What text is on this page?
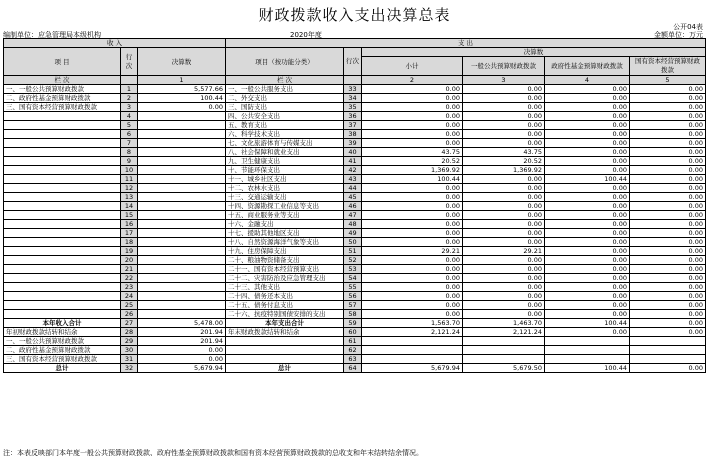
财政拨款收入支出决算总表
公开04表
编制单位：应急管理局本级机构	2020年度	金额单位：万元
收 入			支 出					
项 目	行次	决算数	项目（按功能分类）	行次	决算数			
					小计	一般公共预算财政拨款	政府性基金预算财政拨款	国有资本经营预算财政拨款

栏 次		1	栏 次		2	3	4	5
一、一般公共预算财政拨款	1	5,577.66	一、一般公共服务支出	33	0.00	0.00	0.00	0.00
二、政府性基金预算财政拨款	2	100.44	二、外交支出	34	0.00	0.00	0.00	0.00
三、国有资本经营预算财政拨款	3	0.00	三、国防支出	35	0.00	0.00	0.00	0.00
	4		四、公共安全支出	36	0.00	0.00	0.00	0.00
	5		五、教育支出	37	0.00	0.00	0.00	0.00
	6		六、科学技术支出	38	0.00	0.00	0.00	0.00
	7		七、文化旅游体育与传媒支出	39	0.00	0.00	0.00	0.00
	8		八、社会保障和就业支出	40	43.75	43.75	0.00	0.00
	9		九、卫生健康支出	41	20.52	20.52	0.00	0.00
	10		十、节能环保支出	42	1,369.92	1,369.92	0.00	0.00
	11		十一、城乡社区支出	43	100.44	0.00	100.44	0.00
	12		十二、农林水支出	44	0.00	0.00	0.00	0.00
	13		十三、交通运输支出	45	0.00	0.00	0.00	0.00
	14		十四、资源勘探工业信息等支出	46	0.00	0.00	0.00	0.00
	15		十五、商业服务业等支出	47	0.00	0.00	0.00	0.00
	16		十六、金融支出	48	0.00	0.00	0.00	0.00
	17		十七、援助其他地区支出	49	0.00	0.00	0.00	0.00
	18		十八、自然资源海洋气象等支出	50	0.00	0.00	0.00	0.00
	19		十九、住房保障支出	51	29.21	29.21	0.00	0.00
	20		二十、粮油物资储备支出	52	0.00	0.00	0.00	0.00
	21		二十一、国有资本经营预算支出	53	0.00	0.00	0.00	0.00
	22		二十二、灾害防治及应急管理支出	54	0.00	0.00	0.00	0.00
	23		二十三、其他支出	55	0.00	0.00	0.00	0.00
	24		二十四、债务还本支出	56	0.00	0.00	0.00	0.00
	25		二十五、债务付息支出	57	0.00	0.00	0.00	0.00
	26		二十六、抗疫特别国债安排的支出	58	0.00	0.00	0.00	0.00
本年收入合计	27	5,478.00	本年支出合计	59	1,563.70	1,463.70	100.44	0.00
年初财政拨款结转和结余	28	201.94	年末财政拨款结转和结余	60	2,121.24	2,121.24	0.00	0.00
一、一般公共预算财政拨款	29	201.94		61				
二、政府性基金预算财政拨款	30	0.00		62				
三、国有资本经营预算财政拨款	31	0.00		63				
总计	32	5,679.94	总计	64	5,679.94	5,679.50	100.44	0.00
注：本表反映部门本年度一般公共预算财政拨款、政府性基金预算财政拨款和国有资本经营预算财政拨款的总收支和年末结转结余情况。
